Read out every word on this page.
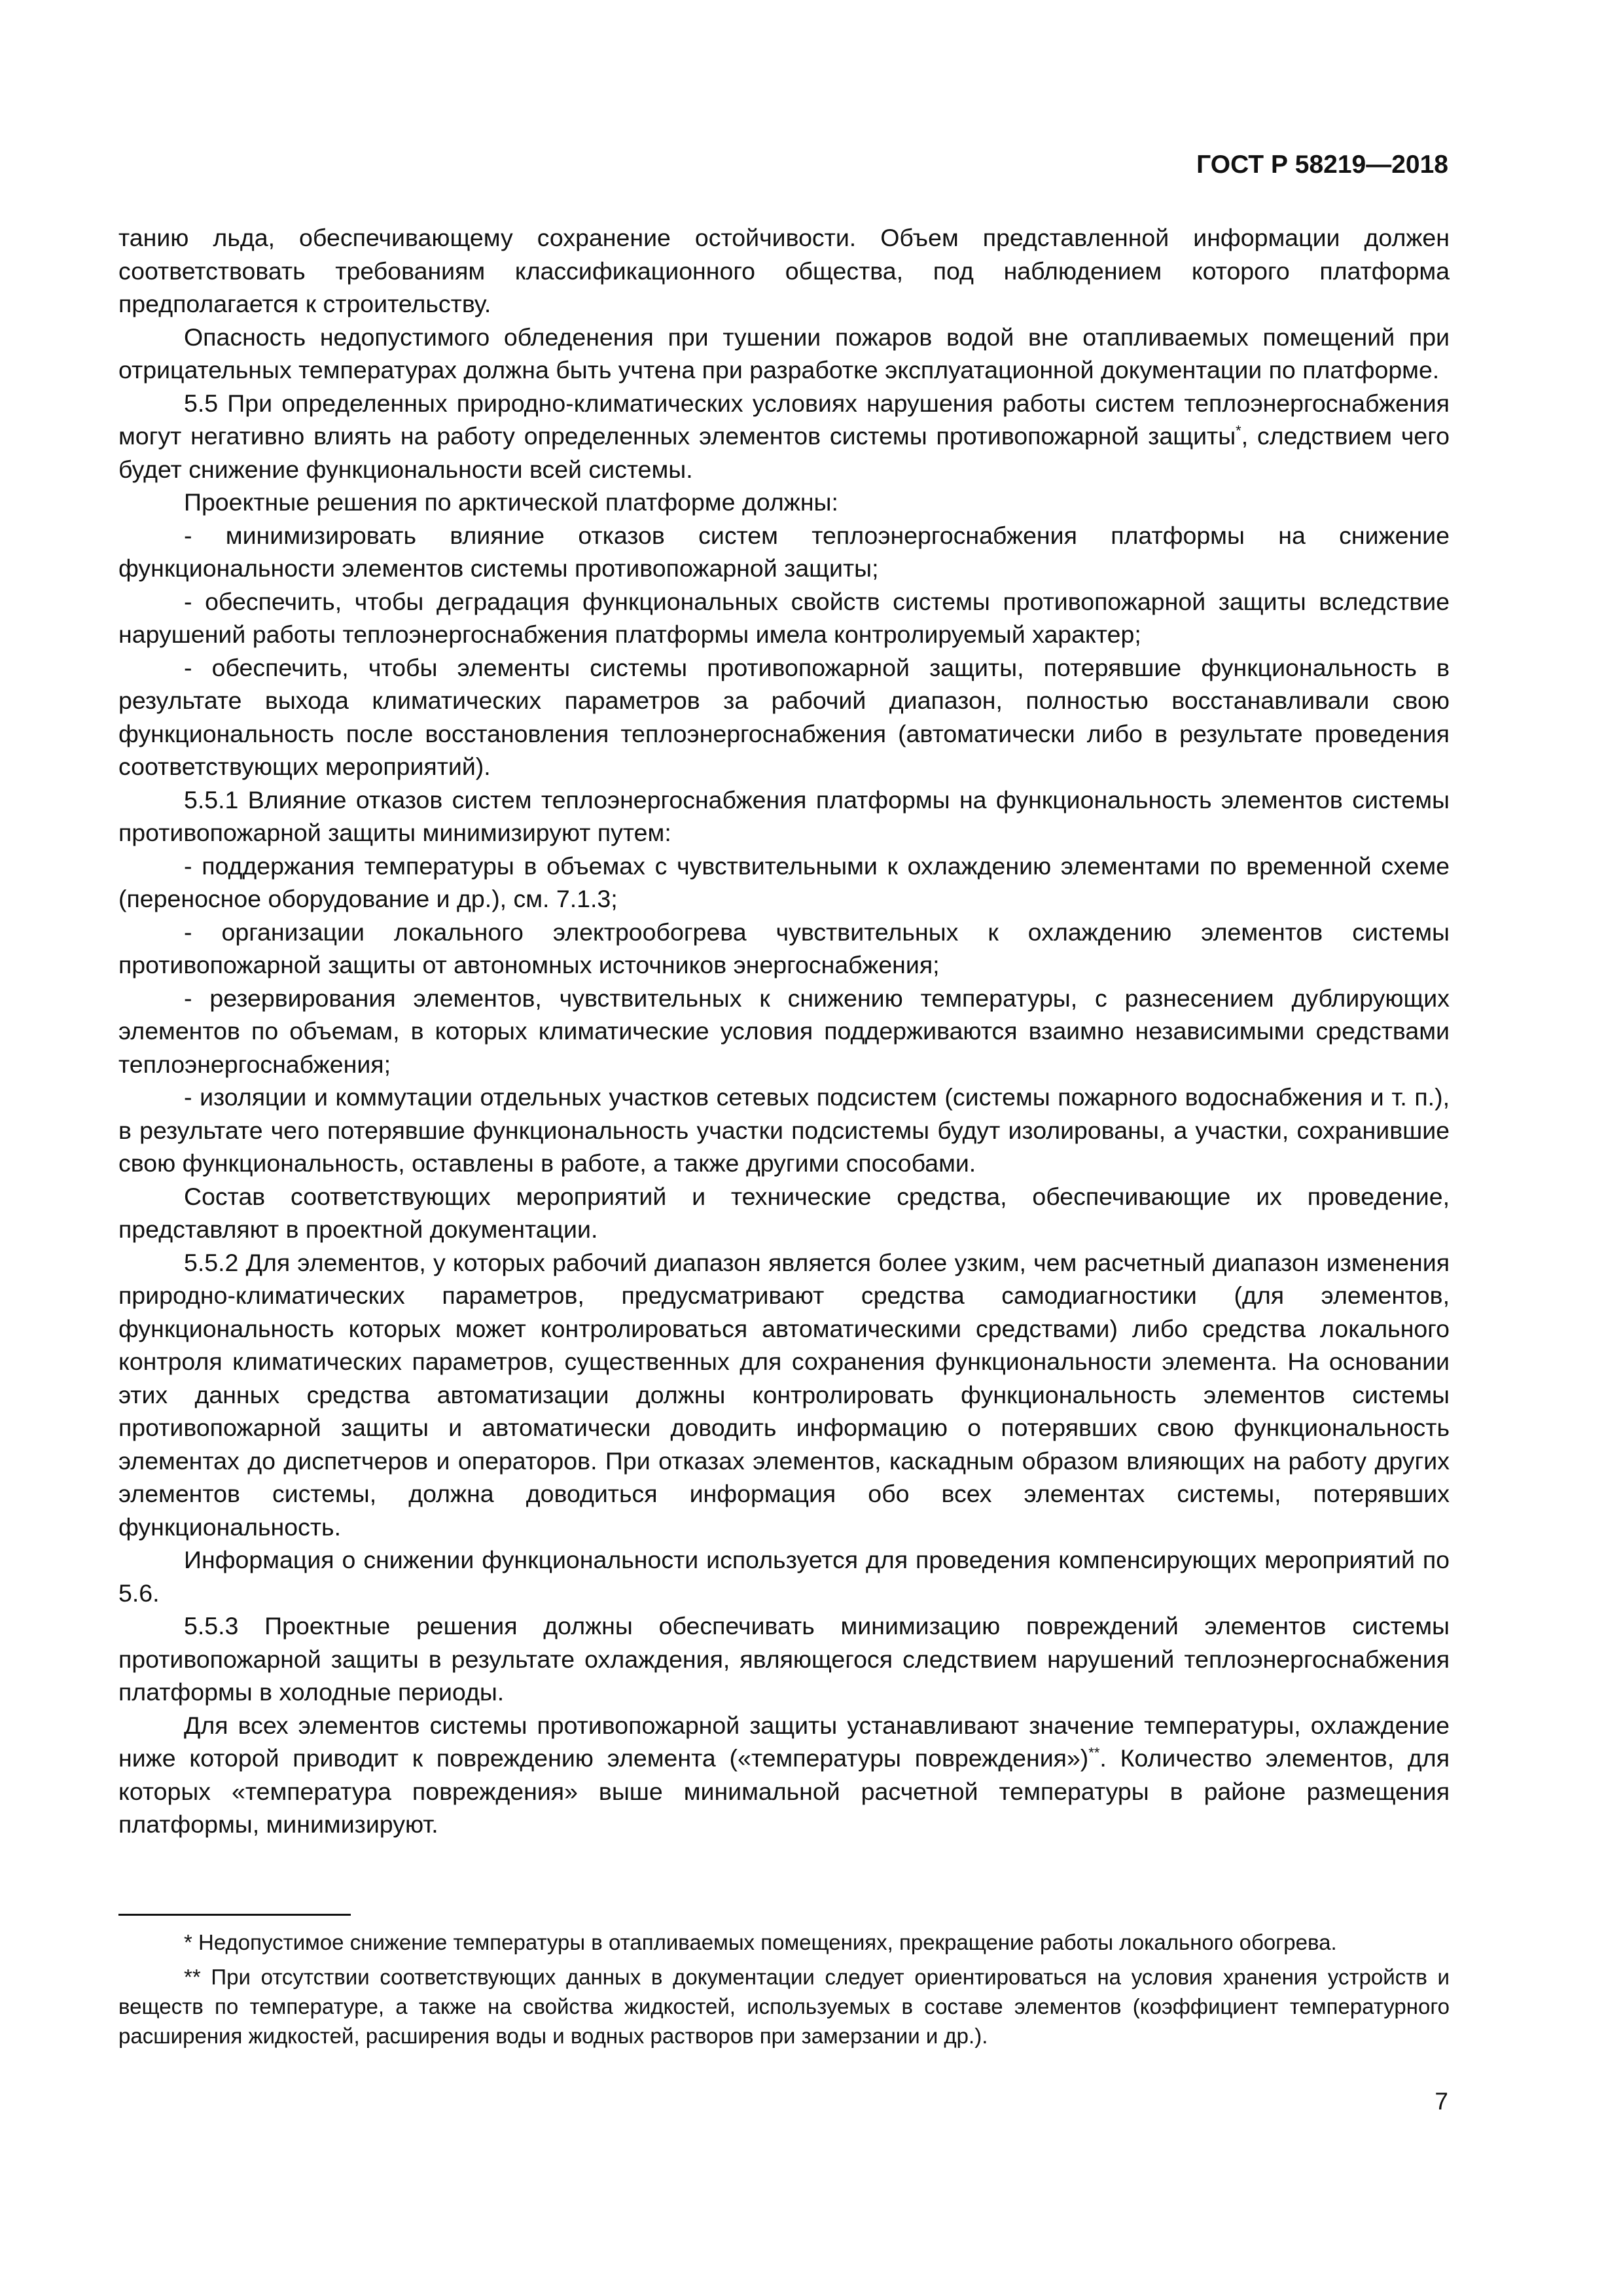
ГОСТ Р 58219—2018

танию льда, обеспечивающему сохранение остойчивости. Объем представленной информации должен соответствовать требованиям классификационного общества, под наблюдением которого платформа предполагается к строительству.

Опасность недопустимого обледенения при тушении пожаров водой вне отапливаемых помещений при отрицательных температурах должна быть учтена при разработке эксплуатационной документации по платформе.

5.5 При определенных природно-климатических условиях нарушения работы систем теплоэнергоснабжения могут негативно влиять на работу определенных элементов системы противопожарной защиты*, следствием чего будет снижение функциональности всей системы.

Проектные решения по арктической платформе должны:

- минимизировать влияние отказов систем теплоэнергоснабжения платформы на снижение функциональности элементов системы противопожарной защиты;

- обеспечить, чтобы деградация функциональных свойств системы противопожарной защиты вследствие нарушений работы теплоэнергоснабжения платформы имела контролируемый характер;

- обеспечить, чтобы элементы системы противопожарной защиты, потерявшие функциональность в результате выхода климатических параметров за рабочий диапазон, полностью восстанавливали свою функциональность после восстановления теплоэнергоснабжения (автоматически либо в результате проведения соответствующих мероприятий).

5.5.1 Влияние отказов систем теплоэнергоснабжения платформы на функциональность элементов системы противопожарной защиты минимизируют путем:

- поддержания температуры в объемах с чувствительными к охлаждению элементами по временной схеме (переносное оборудование и др.), см. 7.1.3;

- организации локального электрообогрева чувствительных к охлаждению элементов системы противопожарной защиты от автономных источников энергоснабжения;

- резервирования элементов, чувствительных к снижению температуры, с разнесением дублирующих элементов по объемам, в которых климатические условия поддерживаются взаимно независимыми средствами теплоэнергоснабжения;

- изоляции и коммутации отдельных участков сетевых подсистем (системы пожарного водоснабжения и т. п.), в результате чего потерявшие функциональность участки подсистемы будут изолированы, а участки, сохранившие свою функциональность, оставлены в работе, а также другими способами.

Состав соответствующих мероприятий и технические средства, обеспечивающие их проведение, представляют в проектной документации.

5.5.2 Для элементов, у которых рабочий диапазон является более узким, чем расчетный диапазон изменения природно-климатических параметров, предусматривают средства самодиагностики (для элементов, функциональность которых может контролироваться автоматическими средствами) либо средства локального контроля климатических параметров, существенных для сохранения функциональности элемента. На основании этих данных средства автоматизации должны контролировать функциональность элементов системы противопожарной защиты и автоматически доводить информацию о потерявших свою функциональность элементах до диспетчеров и операторов. При отказах элементов, каскадным образом влияющих на работу других элементов системы, должна доводиться информация обо всех элементах системы, потерявших функциональность.

Информация о снижении функциональности используется для проведения компенсирующих мероприятий по 5.6.

5.5.3 Проектные решения должны обеспечивать минимизацию повреждений элементов системы противопожарной защиты в результате охлаждения, являющегося следствием нарушений теплоэнергоснабжения платформы в холодные периоды.

Для всех элементов системы противопожарной защиты устанавливают значение температуры, охлаждение ниже которой приводит к повреждению элемента («температуры повреждения»)**. Количество элементов, для которых «температура повреждения» выше минимальной расчетной температуры в районе размещения платформы, минимизируют.

* Недопустимое снижение температуры в отапливаемых помещениях, прекращение работы локального обогрева.

** При отсутствии соответствующих данных в документации следует ориентироваться на условия хранения устройств и веществ по температуре, а также на свойства жидкостей, используемых в составе элементов (коэффициент температурного расширения жидкостей, расширения воды и водных растворов при замерзании и др.).

7
